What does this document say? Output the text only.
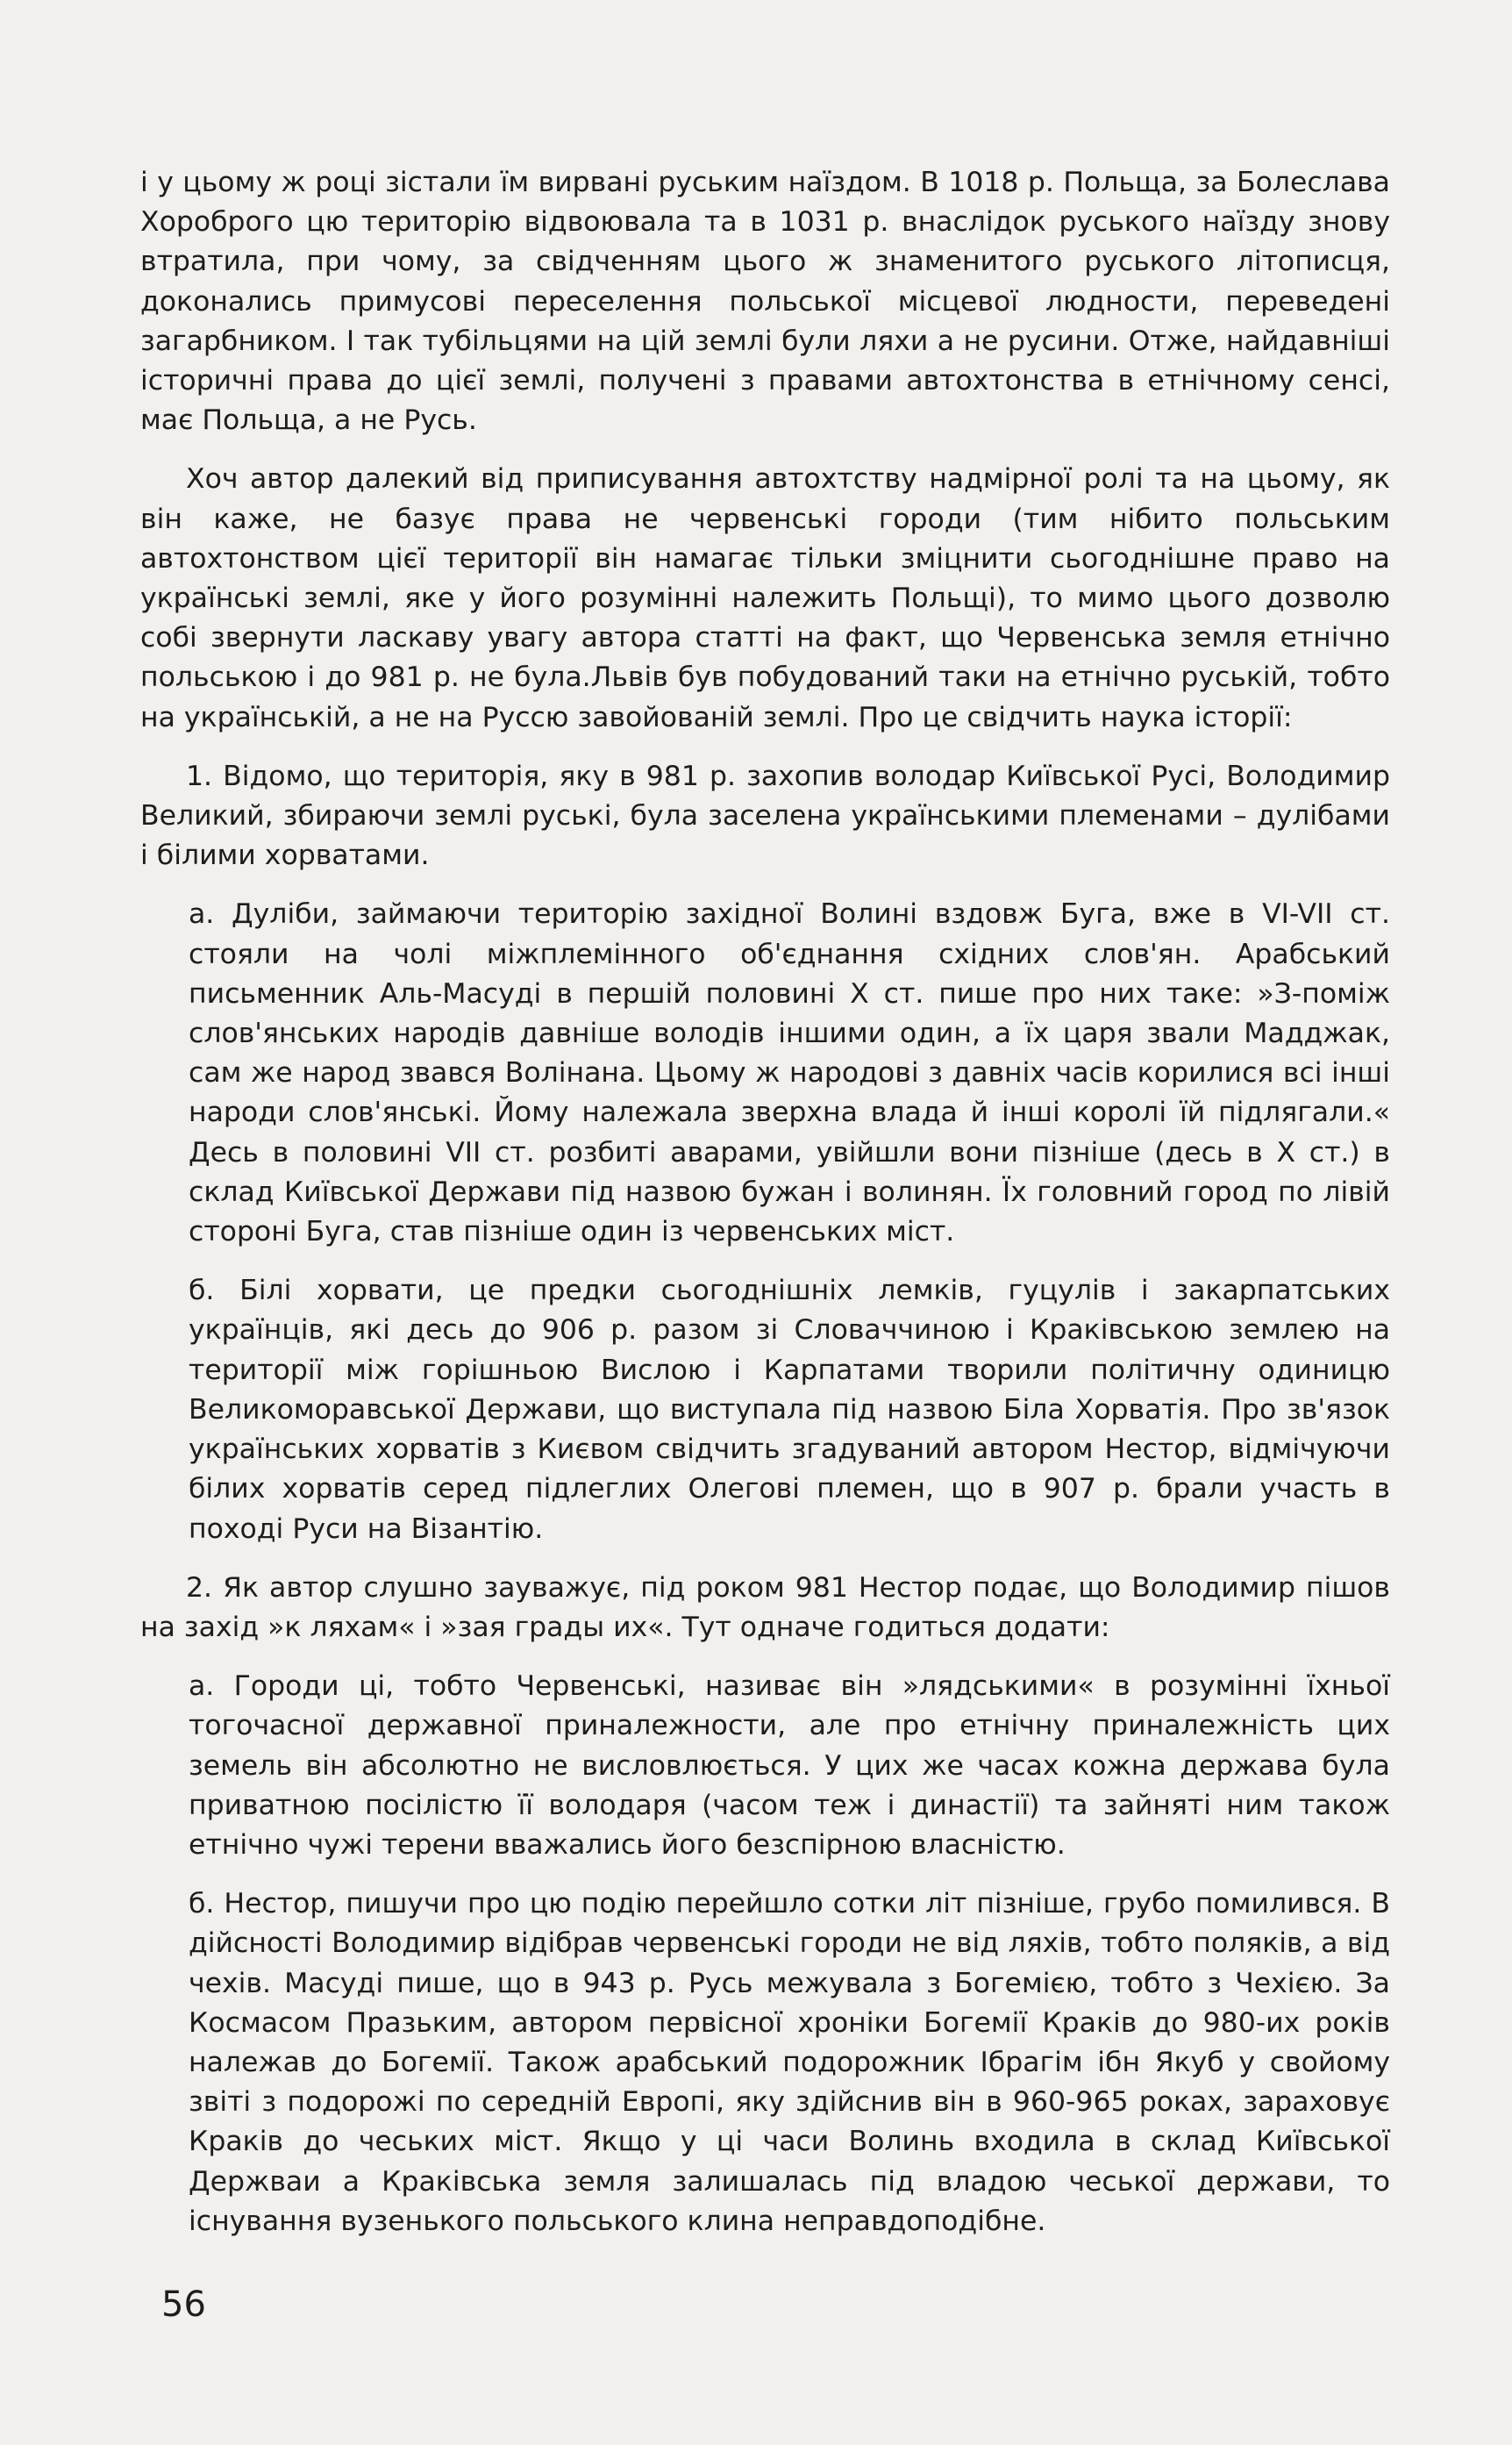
і у цьому ж році зістали їм вирвані руським наїздом. В 1018 р. Польща, за Болеслава Хороброго цю територію відвоювала та в 1031 р. внаслідок руського наїзду знову втратила, при чому, за свідченням цього ж знаменитого руського літописця, доконались примусові переселення польської місцевої людности, переведені загарбником. І так тубільцями на цій землі були ляхи а не русини. Отже, найдавніші історичні права до цієї землі, получені з правами автохтонства в етнічному сенсі, має Польща, а не Русь.

Хоч автор далекий від приписування автохтству надмірної ролі та на цьому, як він каже, не базує права не червенські городи (тим нібито польським автохтонством цієї території він намагає тільки зміцнити сьогоднішне право на українські землі, яке у його розумінні належить Польщі), то мимо цього дозволю собі звернути ласкаву увагу автора статті на факт, що Червенська земля етнічно польською і до 981 р. не була.Львів був побудований таки на етнічно руській, тобто на українській, а не на Руссю завойованій землі. Про це свідчить наука історії:

1. Відомо, що територія, яку в 981 р. захопив володар Київської Русі, Володимир Великий, збираючи землі руські, була заселена українськими племенами – дулібами і білими хорватами.

а. Дуліби, займаючи територію західної Волині вздовж Буга, вже в VI-VII ст. стояли на чолі міжплемінного об'єднання східних слов'ян. Арабський письменник Аль-Масуді в першій половині X ст. пише про них таке: »З-поміж слов'янських народів давніше володів іншими один, а їх царя звали Мадджак, сам же народ звався Волінана. Цьому ж народові з давніх часів корилися всі інші народи слов'янські. Йому належала зверхна влада й інші королі їй підлягали.« Десь в половині VII ст. розбиті аварами, увійшли вони пізніше (десь в X ст.) в склад Київської Держави під назвою бужан і волинян. Їх головний город по лівій стороні Буга, став пізніше один із червенських міст.

б. Білі хорвати, це предки сьогоднішніх лемків, гуцулів і закарпатських українців, які десь до 906 р. разом зі Словаччиною і Краківською землею на території між горішньою Вислою і Карпатами творили політичну одиницю Великоморавської Держави, що виступала під назвою Біла Хорватія. Про зв'язок українських хорватів з Києвом свідчить згадуваний автором Нестор, відмічуючи білих хорватів серед підлеглих Олегові племен, що в 907 р. брали участь в поході Руси на Візантію.

2. Як автор слушно зауважує, під роком 981 Нестор подає, що Володимир пішов на захід »к ляхам« і »зая грады их«. Тут одначе годиться додати:

а. Городи ці, тобто Червенські, називає він »лядськими« в розумінні їхньої тогочасної державної приналежности, але про етнічну приналежність цих земель він абсолютно не висловлюється. У цих же часах кожна держава була приватною посілістю її володаря (часом теж і династії) та зайняті ним також етнічно чужі терени вважались його безспірною власністю.

б. Нестор, пишучи про цю подію перейшло сотки літ пізніше, грубо помилився. В дійсності Володимир відібрав червенські городи не від ляхів, тобто поляків, а від чехів. Масуді пише, що в 943 р. Русь межувала з Богемією, тобто з Чехією. За Космасом Празьким, автором первісної хроніки Богемії Краків до 980-их років належав до Богемії. Також арабський подорожник Ібрагім ібн Якуб у свойому звіті з подорожі по середній Европі, яку здійснив він в 960-965 роках, зараховує Краків до чеських міст. Якщо у ці часи Волинь входила в склад Київської Держваи а Краківська земля залишалась під владою чеської держави, то існування вузенького польського клина неправдоподібне.

56
